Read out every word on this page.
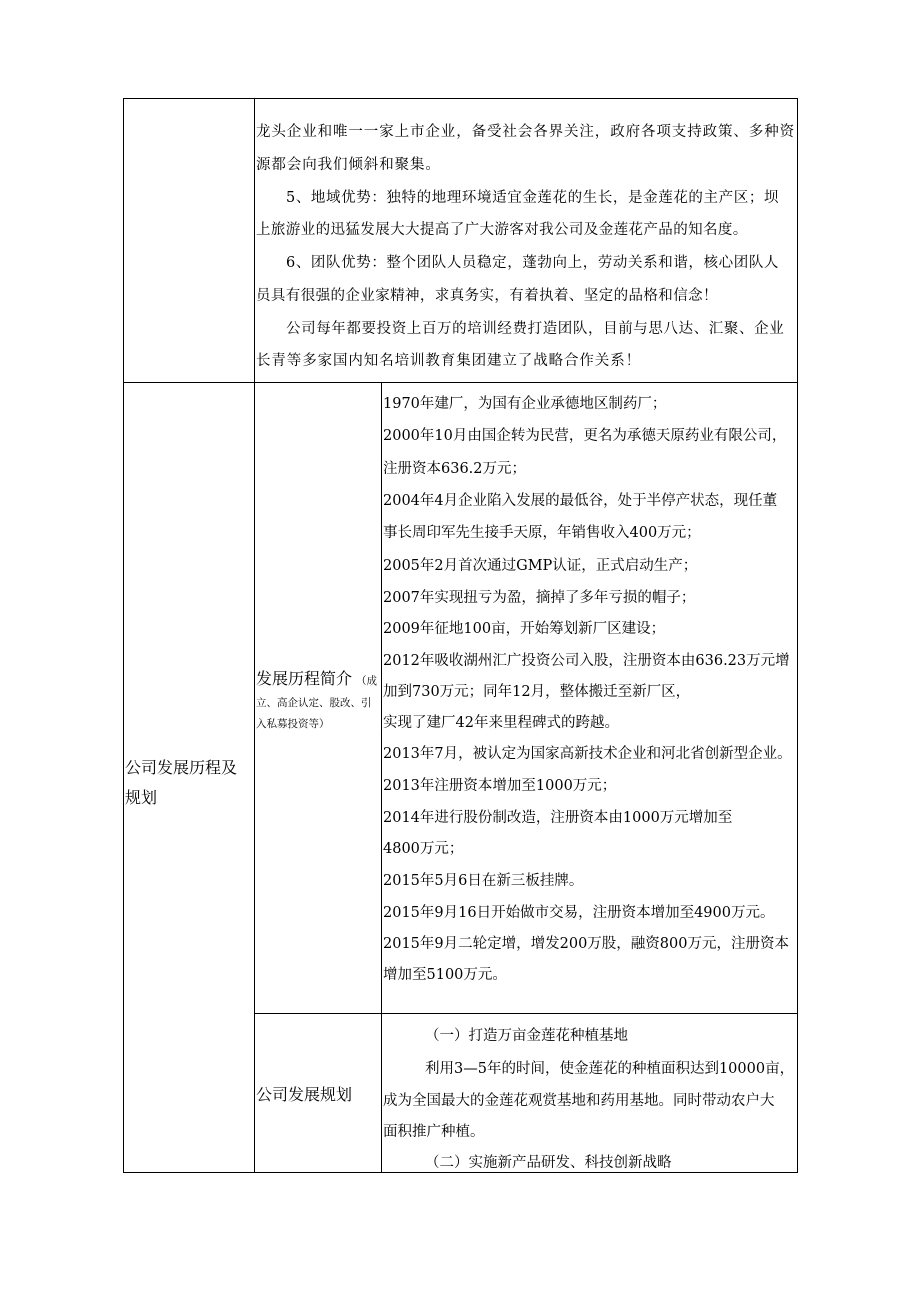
龙头企业和唯一一家上市企业，备受社会各界关注，政府各项支持政策、多种资
源都会向我们倾斜和聚集。
5、地域优势：独特的地理环境适宜金莲花的生长，是金莲花的主产区；坝
上旅游业的迅猛发展大大提高了广大游客对我公司及金莲花产品的知名度。
6、团队优势：整个团队人员稳定，蓬勃向上，劳动关系和谐，核心团队人
员具有很强的企业家精神，求真务实，有着执着、坚定的品格和信念！
公司每年都要投资上百万的培训经费打造团队，目前与思八达、汇聚、企业
长青等多家国内知名培训教育集团建立了战略合作关系！
公司发展历程及
规划
发展历程简介 （成
立、高企认定、股改、引
入私募投资等）
1970年建厂，为国有企业承德地区制药厂；
2000年10月由国企转为民营，更名为承德天原药业有限公司，
注册资本636.2万元；
2004年4月企业陷入发展的最低谷，处于半停产状态，现任董
事长周印军先生接手天原，年销售收入400万元；
2005年2月首次通过GMP认证，正式启动生产；
2007年实现扭亏为盈，摘掉了多年亏损的帽子；
2009年征地100亩，开始筹划新厂区建设；
2012年吸收湖州汇广投资公司入股，注册资本由636.23万元增
加到730万元；同年12月，整体搬迁至新厂区，
实现了建厂42年来里程碑式的跨越。
2013年7月，被认定为国家高新技术企业和河北省创新型企业。
2013年注册资本增加至1000万元；
2014年进行股份制改造，注册资本由1000万元增加至
4800万元；
2015年5月6日在新三板挂牌。
2015年9月16日开始做市交易，注册资本增加至4900万元。
2015年9月二轮定增，增发200万股，融资800万元，注册资本
增加至5100万元。
公司发展规划
（一）打造万亩金莲花种植基地
利用3—5年的时间，使金莲花的种植面积达到10000亩，
成为全国最大的金莲花观赏基地和药用基地。同时带动农户大
面积推广种植。
（二）实施新产品研发、科技创新战略
